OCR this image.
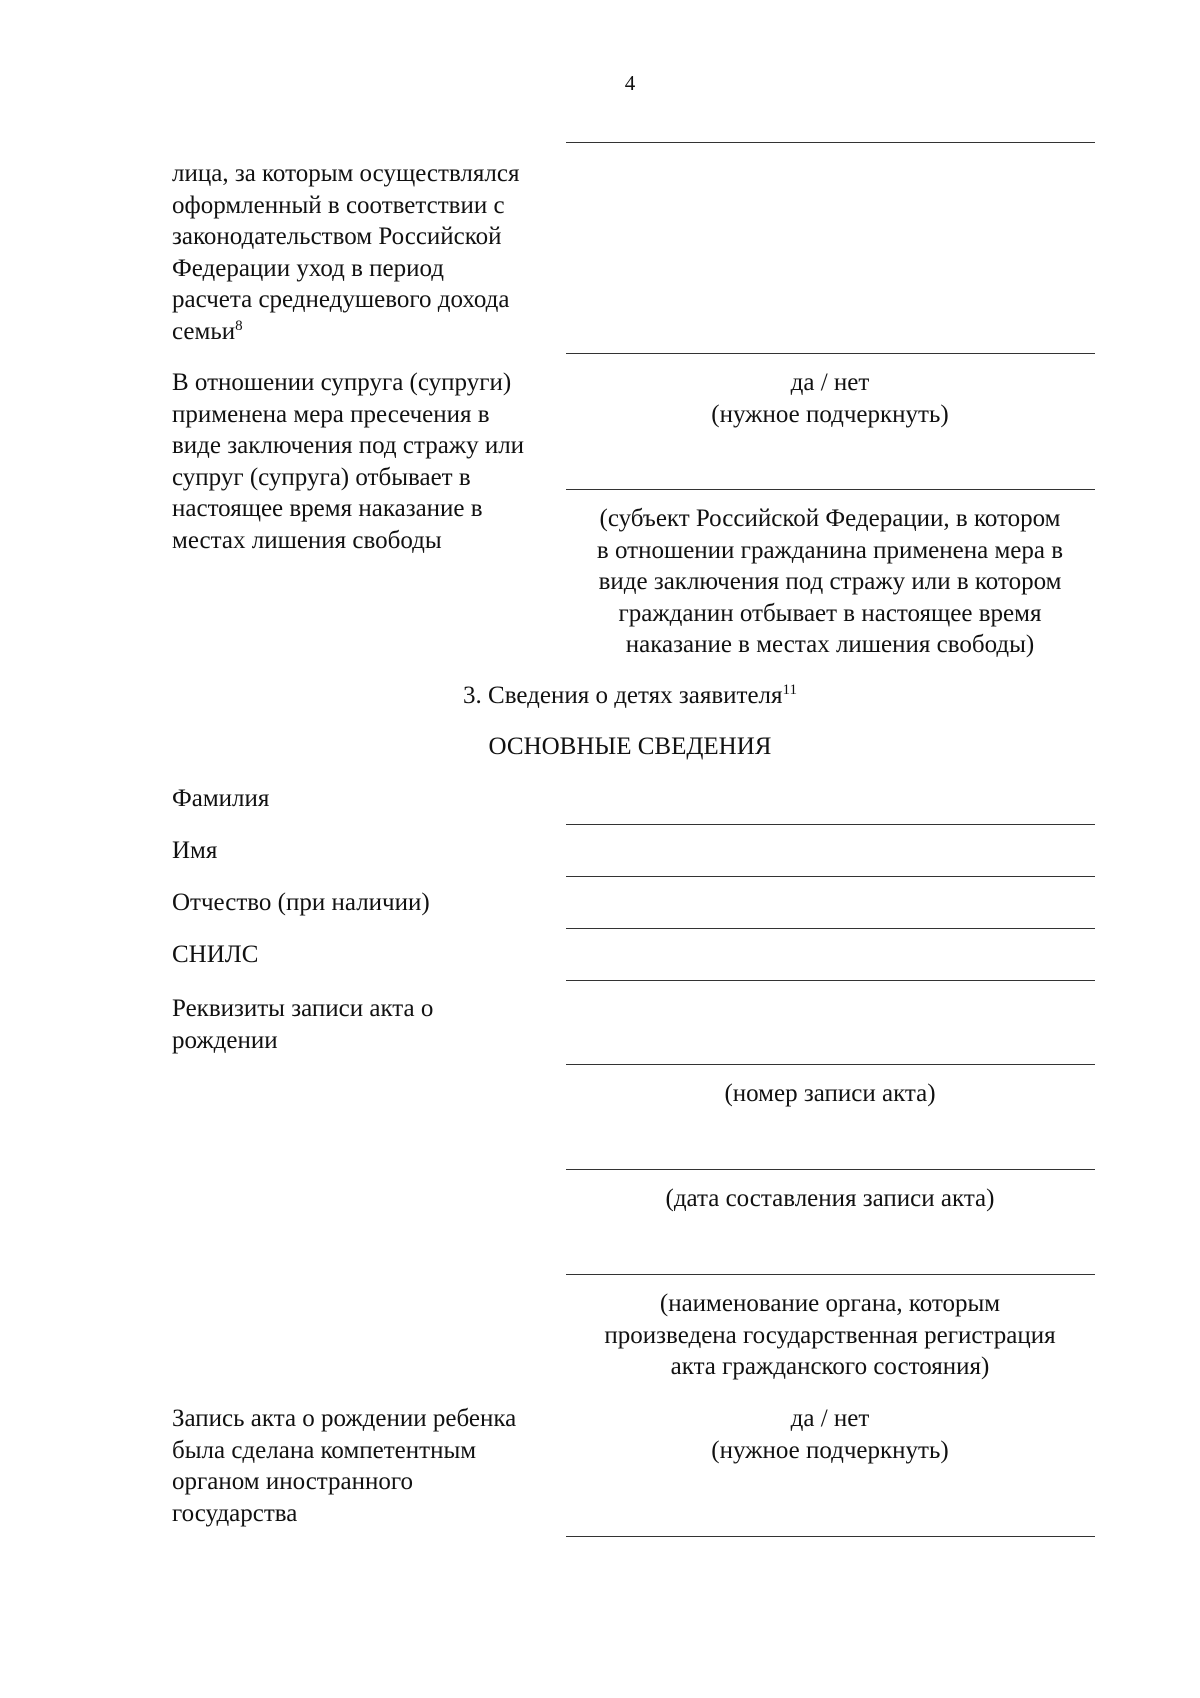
4
лица, за которым осуществлялся
оформленный в соответствии с
законодательством Российской
Федерации уход в период
расчета среднедушевого дохода
семьи$^8$
В отношении супруга (супруги)
применена мера пресечения в
виде заключения под стражу или
супруг (супруга) отбывает в
настоящее время наказание в
местах лишения свободы
да / нет
(нужное подчеркнуть)
(субъект Российской Федерации, в котором
в отношении гражданина применена мера в
виде заключения под стражу или в котором
гражданин отбывает в настоящее время
наказание в местах лишения свободы)
3. Сведения о детях заявителя$^{11}$
ОСНОВНЫЕ СВЕДЕНИЯ
Фамилия
Имя
Отчество (при наличии)
СНИЛС
Реквизиты записи акта о
рождении
(номер записи акта)
(дата составления записи акта)
(наименование органа, которым
произведена государственная регистрация
акта гражданского состояния)
Запись акта о рождении ребенка
была сделана компетентным
органом иностранного
государства
да / нет
(нужное подчеркнуть)
